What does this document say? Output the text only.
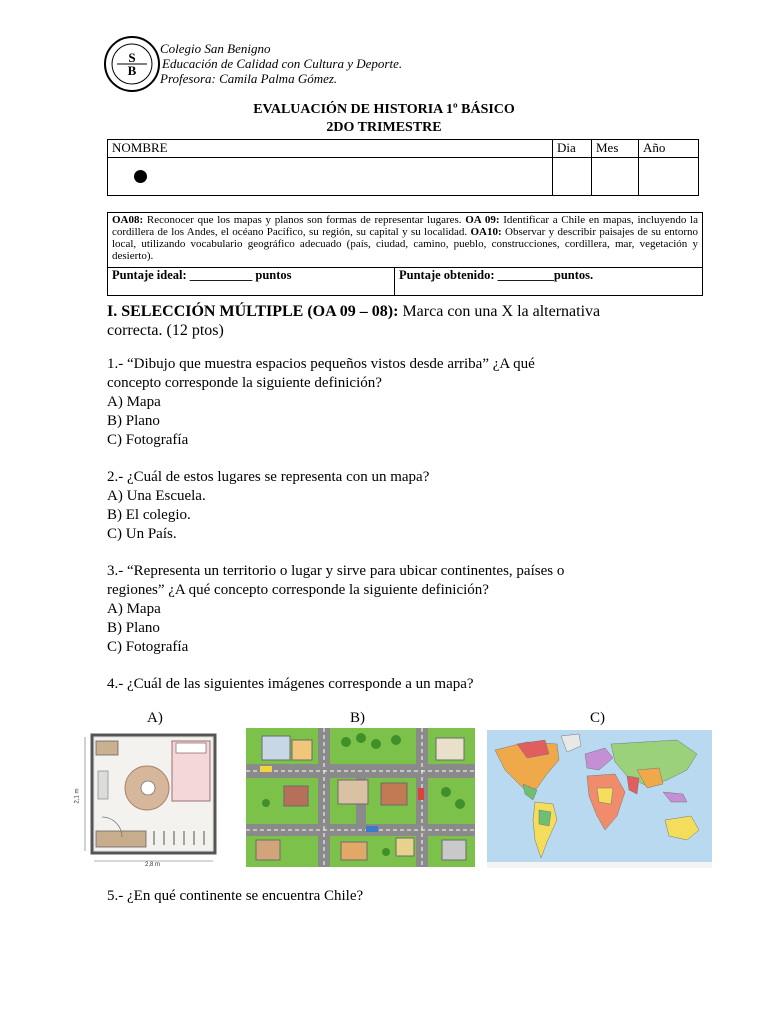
S
B
Colegio San Benigno
Educación de Calidad con Cultura y Deporte.
Profesora: Camila Palma Gómez.
EVALUACIÓN DE HISTORIA 1º BÁSICO
2DO TRIMESTRE
NOMBRE	Dia	Mes	Año

OA08: Reconocer que los mapas y planos son formas de representar lugares. OA 09: Identificar a Chile en mapas, incluyendo la cordillera de los Andes, el océano Pacífico, su región, su capital y su localidad. OA10: Observar y describir paisajes de su entorno local, utilizando vocabulario geográfico adecuado (país, ciudad, camino, pueblo, construcciones, cordillera, mar, vegetación y desierto).
Puntaje ideal: __________ puntos	Puntaje obtenido: _________puntos.
I. SELECCIÓN MÚLTIPLE (OA 09 – 08): Marca con una X la alternativa
correcta. (12 ptos)
1.- “Dibujo que muestra espacios pequeños vistos desde arriba” ¿A qué
concepto corresponde la siguiente definición?
A) Mapa
B) Plano
C) Fotografía
2.- ¿Cuál de estos lugares se representa con un mapa?
A) Una Escuela.
B) El colegio.
C) Un País.
3.- “Representa un territorio o lugar y sirve para ubicar continentes, países o
regiones” ¿A qué concepto corresponde la siguiente definición?
A) Mapa
B) Plano
C) Fotografía
4.- ¿Cuál de las siguientes imágenes corresponde a un mapa?
A)	B)	C)
2,1 m
2,8 m
5.- ¿En qué continente se encuentra Chile?
